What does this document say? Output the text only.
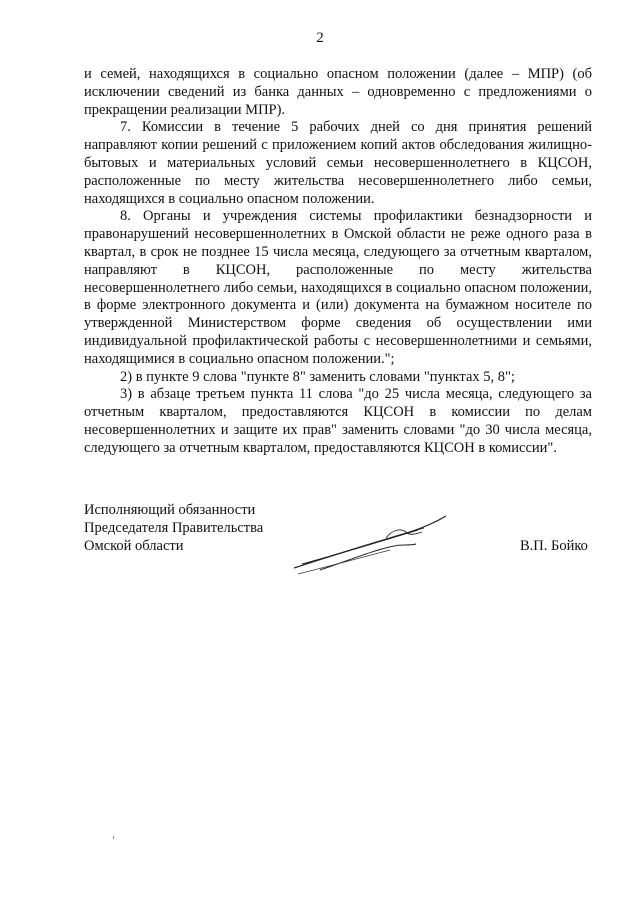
2

и семей, находящихся в социально опасном положении (далее – МПР) (об исключении сведений из банка данных – одновременно с предложениями о прекращении реализации МПР).

7. Комиссии в течение 5 рабочих дней со дня принятия решений направляют копии решений с приложением копий актов обследования жилищно-бытовых и материальных условий семьи несовершеннолетнего в КЦСОН, расположенные по месту жительства несовершеннолетнего либо семьи, находящихся в социально опасном положении.

8. Органы и учреждения системы профилактики безнадзорности и правонарушений несовершеннолетних в Омской области не реже одного раза в квартал, в срок не позднее 15 числа месяца, следующего за отчетным кварталом, направляют в КЦСОН, расположенные по месту жительства несовершеннолетнего либо семьи, находящихся в социально опасном положении, в форме электронного документа и (или) документа на бумажном носителе по утвержденной Министерством форме сведения об осуществлении ими индивидуальной профилактической работы с несовершеннолетними и семьями, находящимися в социально опасном положении.";

2) в пункте 9 слова "пункте 8" заменить словами "пунктах 5, 8";

3) в абзаце третьем пункта 11 слова "до 25 числа месяца, следующего за отчетным кварталом, предоставляются КЦСОН в комиссии по делам несовершеннолетних и защите их прав" заменить словами "до 30 числа месяца, следующего за отчетным кварталом, предоставляются КЦСОН в комиссии".

Исполняющий обязанности
Председателя Правительства
Омской области	В.П. Бойко
